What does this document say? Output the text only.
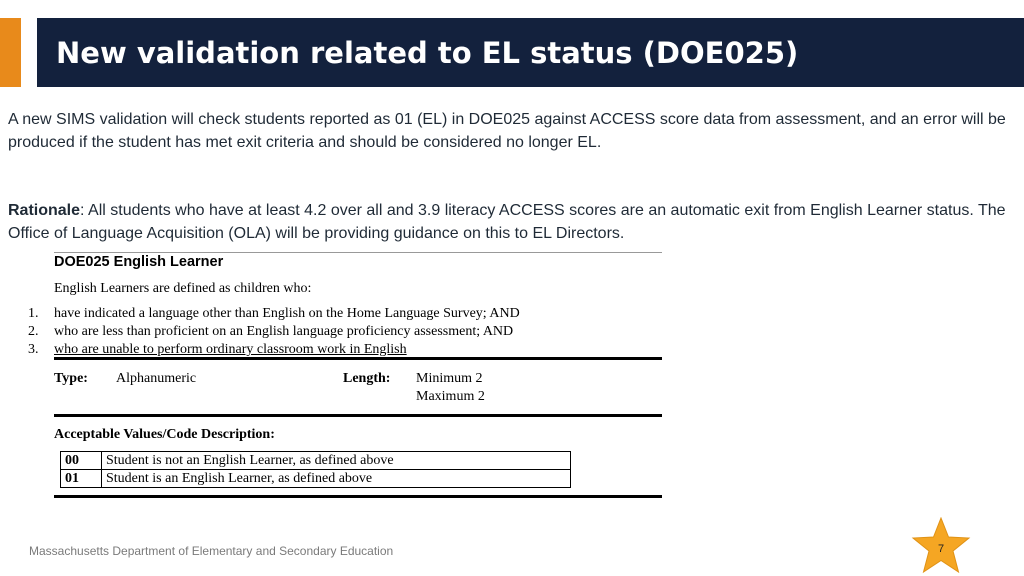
New validation related to EL status (DOE025)
A new SIMS validation will check students reported as 01 (EL) in DOE025 against ACCESS score data from assessment, and an error will be produced if the student has met exit criteria and should be considered no longer EL.
Rationale: All students who have at least 4.2 over all and 3.9 literacy ACCESS scores are an automatic exit from English Learner status. The Office of Language Acquisition (OLA) will be providing guidance on this to EL Directors.
DOE025 English Learner
English Learners are defined as children who:
1. have indicated a language other than English on the Home Language Survey; AND
2. who are less than proficient on an English language proficiency assessment; AND
3. who are unable to perform ordinary classroom work in English
Type: Alphanumeric	Length: Minimum 2
Maximum 2
Acceptable Values/Code Description:
00	Student is not an English Learner, as defined above
01	Student is an English Learner, as defined above
Massachusetts Department of Elementary and Secondary Education	7
